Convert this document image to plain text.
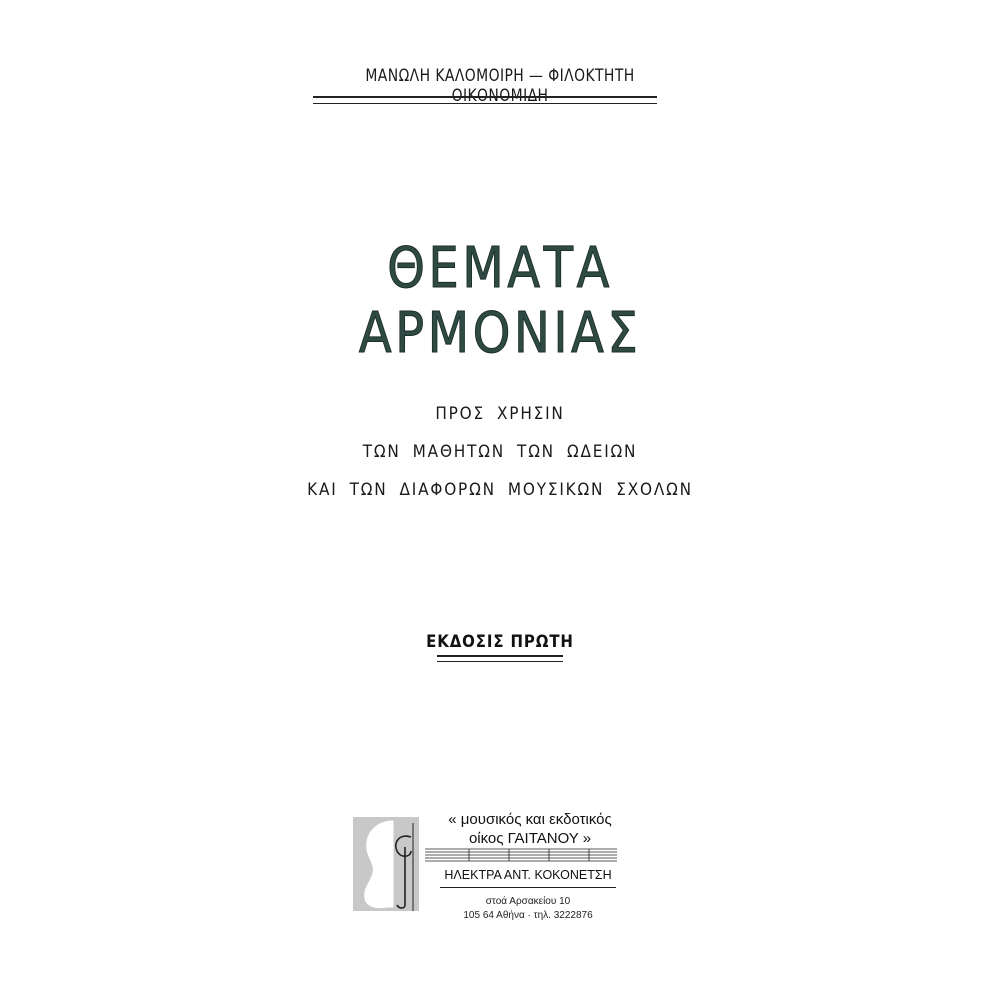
ΜΑΝΩΛΗ ΚΑΛΟΜΟΙΡΗ — ΦΙΛΟΚΤΗΤΗ ΟΙΚΟΝΟΜΙΔΗ
ΘΕΜΑΤΑ ΑΡΜΟΝΙΑΣ
ΠΡΟΣ ΧΡΗΣΙΝ
ΤΩΝ ΜΑΘΗΤΩΝ ΤΩΝ ΩΔΕΙΩΝ
ΚΑΙ ΤΩΝ ΔΙΑΦΟΡΩΝ ΜΟΥΣΙΚΩΝ ΣΧΟΛΩΝ
ΕΚΔΟΣΙΣ ΠΡΩΤΗ
« μουσικός και εκδοτικός
οίκος ΓΑΙΤΑΝΟΥ »
ΗΛΕΚΤΡΑ ΑΝΤ. ΚΟΚΟΝΕΤΣΗ
στοά Αρσακείου 10
105 64 Αθήνα · τηλ. 3222876
